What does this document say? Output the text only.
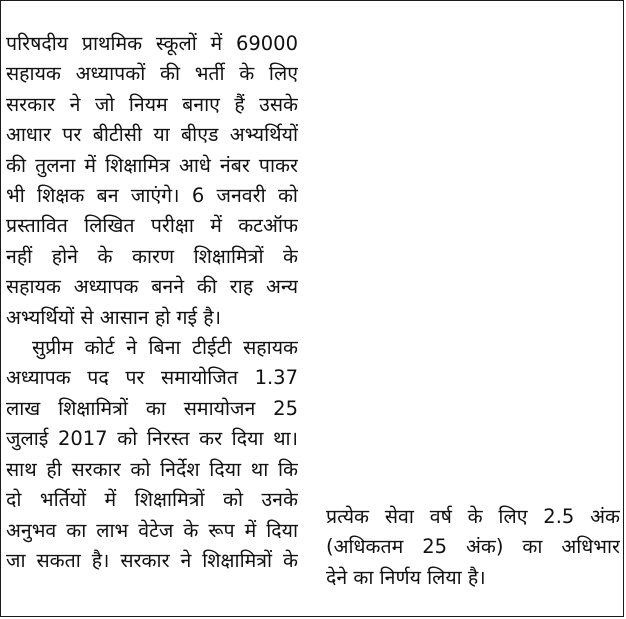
परिषदीय प्राथमिक स्कूलों में 69000
सहायक अध्यापकों की भर्ती के लिए
सरकार ने जो नियम बनाए हैं उसके
आधार पर बीटीसी या बीएड अभ्यर्थियों
की तुलना में शिक्षामित्र आधे नंबर पाकर
भी शिक्षक बन जाएंगे। 6 जनवरी को
प्रस्तावित लिखित परीक्षा में कटऑफ
नहीं होने के कारण शिक्षामित्रों के
सहायक अध्यापक बनने की राह अन्य
अभ्यर्थियों से आसान हो गई है।
सुप्रीम कोर्ट ने बिना टीईटी सहायक
अध्यापक पद पर समायोजित 1.37
लाख शिक्षामित्रों का समायोजन 25
जुलाई 2017 को निरस्त कर दिया था।
साथ ही सरकार को निर्देश दिया था कि
दो भर्तियों में शिक्षामित्रों को उनके
अनुभव का लाभ वेटेज के रूप में दिया
जा सकता है। सरकार ने शिक्षामित्रों के
प्रत्येक सेवा वर्ष के लिए 2.5 अंक
(अधिकतम 25 अंक) का अधिभार
देने का निर्णय लिया है।
